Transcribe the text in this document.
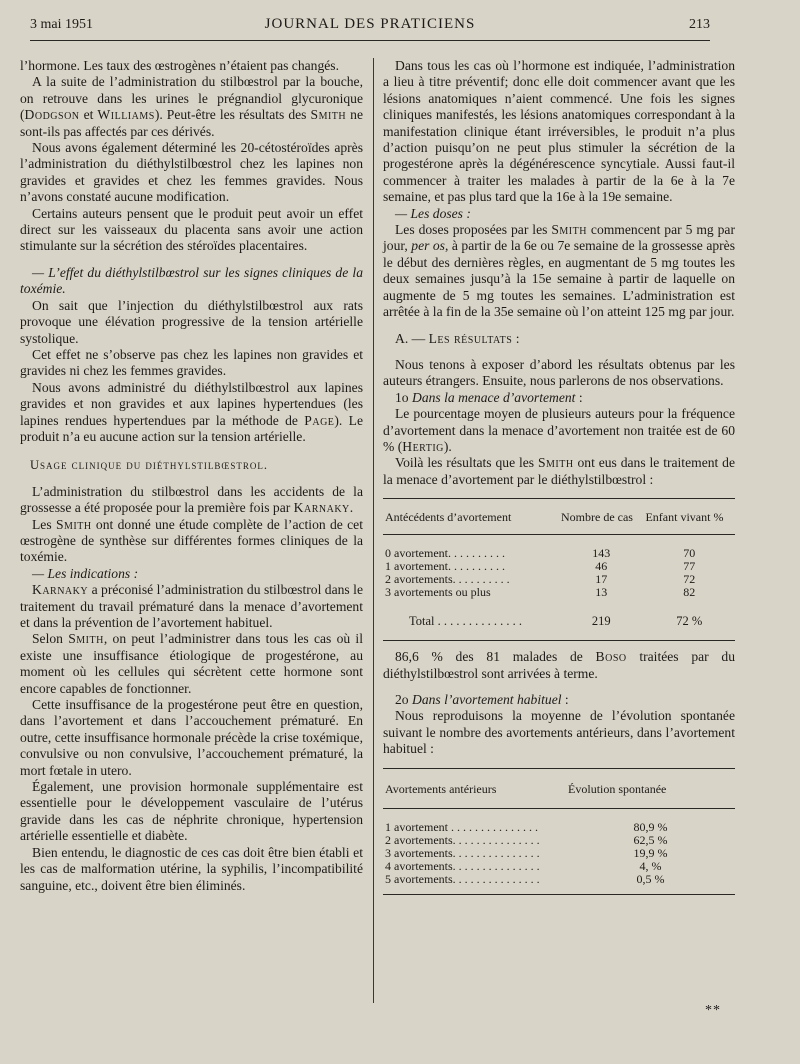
3 mai 1951	JOURNAL DES PRATICIENS	213

l’hormone. Les taux des œstrogènes n’étaient pas changés.

A la suite de l’administration du stilbœstrol par la bouche, on retrouve dans les urines le prégnandiol glycuronique (Dodgson et Williams). Peut-être les résultats des Smith ne sont-ils pas affectés par ces dérivés.

Nous avons également déterminé les 20-cétostéroïdes après l’administration du diéthylstilbœstrol chez les lapines non gravides et gravides et chez les femmes gravides. Nous n’avons constaté aucune modification.

Certains auteurs pensent que le produit peut avoir un effet direct sur les vaisseaux du placenta sans avoir une action stimulante sur la sécrétion des stéroïdes placentaires.

— L’effet du diéthylstilbœstrol sur les signes cliniques de la toxémie.

On sait que l’injection du diéthylstilbœstrol aux rats provoque une élévation progressive de la tension artérielle systolique.

Cet effet ne s’observe pas chez les lapines non gravides et gravides ni chez les femmes gravides.

Nous avons administré du diéthylstilbœstrol aux lapines gravides et non gravides et aux lapines hypertendues (les lapines rendues hypertendues par la méthode de Page). Le produit n’a eu aucune action sur la tension artérielle.

Usage clinique du diéthylstilbœstrol.

L’administration du stilbœstrol dans les accidents de la grossesse a été proposée pour la première fois par Karnaky.

Les Smith ont donné une étude complète de l’action de cet œstrogène de synthèse sur différentes formes cliniques de la toxémie.

— Les indications :

Karnaky a préconisé l’administration du stilbœstrol dans le traitement du travail prématuré dans la menace d’avortement et dans la prévention de l’avortement habituel.

Selon Smith, on peut l’administrer dans tous les cas où il existe une insuffisance étiologique de progestérone, au moment où les cellules qui sécrètent cette hormone sont encore capables de fonctionner.

Cette insuffisance de la progestérone peut être en question, dans l’avortement et dans l’accouchement prématuré. En outre, cette insuffisance hormonale précède la crise toxémique, convulsive ou non convulsive, l’accouchement prématuré, la mort fœtale in utero.

Également, une provision hormonale supplémentaire est essentielle pour le développement vasculaire de l’utérus gravide dans les cas de néphrite chronique, hypertension artérielle essentielle et diabète.

Bien entendu, le diagnostic de ces cas doit être bien établi et les cas de malformation utérine, la syphilis, l’incompatibilité sanguine, etc., doivent être bien éliminés.

Dans tous les cas où l’hormone est indiquée, l’administration a lieu à titre préventif; donc elle doit commencer avant que les lésions anatomiques n’aient commencé. Une fois les signes cliniques manifestés, les lésions anatomiques correspondant à la manifestation clinique étant irréversibles, le produit n’a plus d’action puisqu’on ne peut plus stimuler la sécrétion de la progestérone après la dégénérescence syncytiale. Aussi faut-il commencer à traiter les malades à partir de la 6e à la 7e semaine, et pas plus tard que la 16e à la 19e semaine.

— Les doses :

Les doses proposées par les Smith commencent par 5 mg par jour, per os, à partir de la 6e ou 7e semaine de la grossesse après le début des dernières règles, en augmentant de 5 mg toutes les deux semaines jusqu’à la 15e semaine à partir de laquelle on augmente de 5 mg toutes les semaines. L’administration est arrêtée à la fin de la 35e semaine où l’on atteint 125 mg par jour.

A. — Les résultats :

Nous tenons à exposer d’abord les résultats obtenus par les auteurs étrangers. Ensuite, nous parlerons de nos observations.

1o Dans la menace d’avortement :

Le pourcentage moyen de plusieurs auteurs pour la fréquence d’avortement dans la menace d’avortement non traitée est de 60 % (Hertig).

Voilà les résultats que les Smith ont eus dans le traitement de la menace d’avortement par le diéthylstilbœstrol :

Antécédents d’avortement	Nombre de cas	Enfant vivant %
0 avortement. . . . . . . . . .	143	70
1 avortement. . . . . . . . . .	46	77
2 avortements. . . . . . . . . .	17	72
3 avortements ou plus	13	82

Total . . . . . . . . . . . . . .	219	72 %

86,6 % des 81 malades de Boso traitées par du diéthylstilbœstrol sont arrivées à terme.

2o Dans l’avortement habituel :

Nous reproduisons la moyenne de l’évolution spontanée suivant le nombre des avortements antérieurs, dans l’avortement habituel :

Avortements antérieurs	Évolution spontanée
1 avortement . . . . . . . . . . . . . . .	80,9 %
2 avortements. . . . . . . . . . . . . . .	62,5 %
3 avortements. . . . . . . . . . . . . . .	19,9 %
4 avortements. . . . . . . . . . . . . . .	4, %
5 avortements. . . . . . . . . . . . . . .	0,5 %
**
